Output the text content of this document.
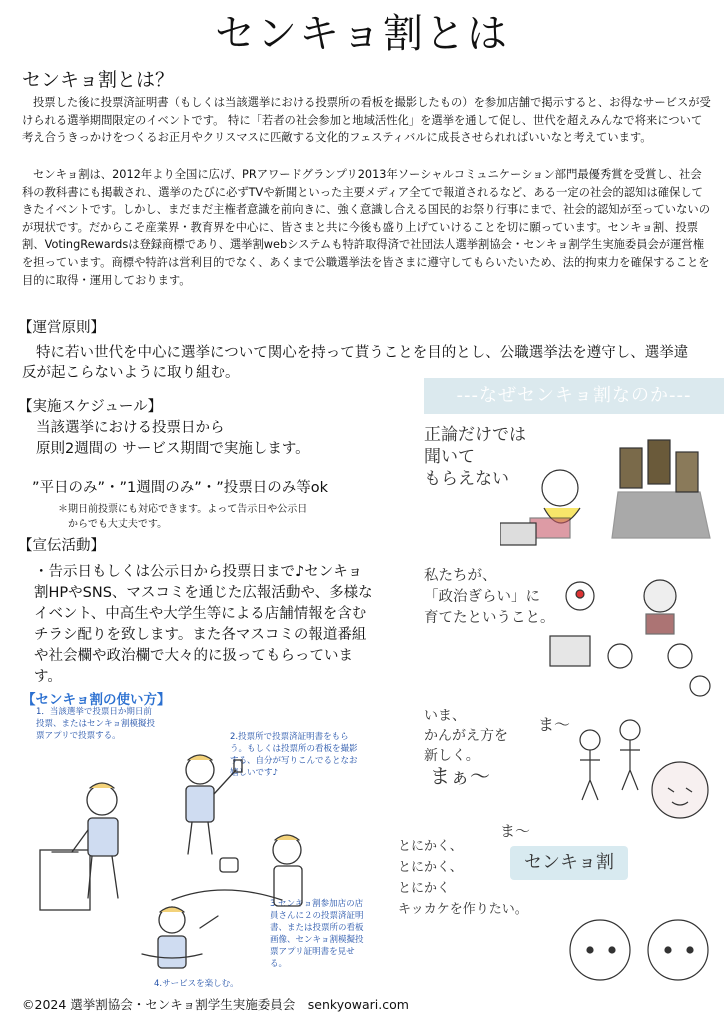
センキョ割とは
センキョ割とは？
投票した後に投票済証明書（もしくは当該選挙における投票所の看板を撮影したもの）を参加店舗で掲示すると、お得なサービスが受けられる選挙期間限定のイベントです。 特に「若者の社会参加と地域活性化」を選挙を通して促し、世代を超えみんなで将来について考え合うきっかけをつくるお正月やクリスマスに匹敵する文化的フェスティバルに成長させられればいいなと考えています。
センキョ割は、2012年より全国に広げ、PRアワードグランプリ2013年ソーシャルコミュニケーション部門最優秀賞を受賞し、社会科の教科書にも掲載され、選挙のたびに必ずTVや新聞といった主要メディア全てで報道されるなど、ある一定の社会的認知は確保してきたイベントです。しかし、まだまだ主権者意識を前向きに、強く意識し合える国民的お祭り行事にまで、社会的認知が至っていないのが現状です。だからこそ産業界・教育界を中心に、皆さまと共に今後も盛り上げていけることを切に願っています。センキョ割、投票割、VotingRewardsは登録商標であり、選挙割webシステムも特許取得済で社団法人選挙割協会・センキョ割学生実施委員会が運営権を担っています。商標や特許は営利目的でなく、あくまで公職選挙法を皆さまに遵守してもらいたいため、法的拘束力を確保することを目的に取得・運用しております。
【運営原則】
特に若い世代を中心に選挙について関心を持って貰うことを目的とし、公職選挙法を遵守し、選挙違反が起こらないように取り組む。
【実施スケジュール】
当該選挙における投票日から
原則2週間の サービス期間で実施します。
”平日のみ”・”1週間のみ”・”投票日のみ等ok
＊期日前投票にも対応できます。よって告示日や公示日
からでも大丈夫です。
【宣伝活動】
・告示日もしくは公示日から投票日まで♪センキョ割HPやSNS、マスコミを通じた広報活動や、多様なイベント、中高生や大学生等による店舗情報を含むチラシ配りを致します。また各マスコミの報道番組や社会欄や政治欄で大々的に扱ってもらっています。
【センキョ割の使い方】
1．当該選挙で投票日か期日前投票、またはセンキョ割模擬投票アプリで投票する。	2.投票所で投票済証明書をもらう。もしくは投票所の看板を撮影する、自分が写りこんでるとなお嬉しいです♪
3.センキョ割参加店の店員さんに２の投票済証明書、または投票所の看板画像、センキョ割模擬投票アプリ証明書を見せる。
4.サービスを楽しむ。
---なぜセンキョ割なのか---
正論だけでは
聞いて
もらえない
私たちが、
「政治ぎらい」に
育てたということ。
いま、
かんがえ方を
新しく。
ま～
ま～
まぁ～
とにかく、
とにかく、
とにかく
キッカケを作りたい。
センキョ割
©2024 選挙割協会・センキョ割学生実施委員会　senkyowari.com
